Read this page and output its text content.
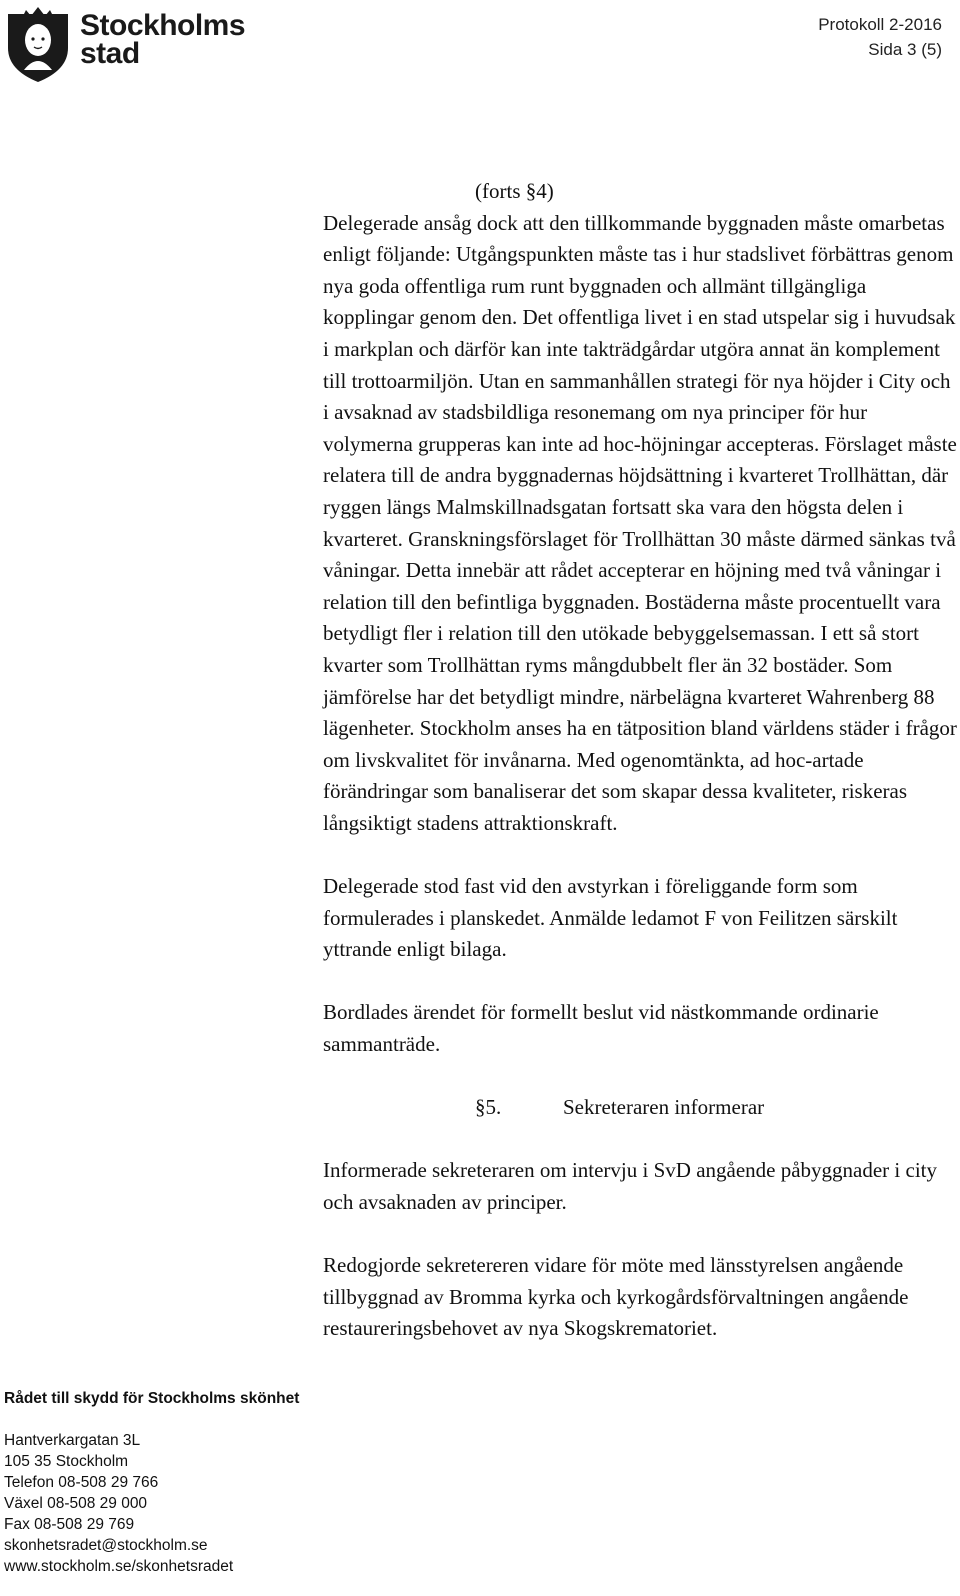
Stockholms
stad
Protokoll 2-2016
Sida 3 (5)

(forts §4)

Delegerade ansåg dock att den tillkommande byggnaden måste omarbetas enligt följande: Utgångspunkten måste tas i hur stadslivet förbättras genom nya goda offentliga rum runt byggnaden och allmänt tillgängliga kopplingar genom den. Det offentliga livet i en stad utspelar sig i huvudsak i markplan och därför kan inte takträdgårdar utgöra annat än komplement till trottoarmiljön. Utan en sammanhållen strategi för nya höjder i City och i avsaknad av stadsbildliga resonemang om nya principer för hur volymerna grupperas kan inte ad hoc-höjningar accepteras. Förslaget måste relatera till de andra byggnadernas höjdsättning i kvarteret Trollhättan, där ryggen längs Malmskillnadsgatan fortsatt ska vara den högsta delen i kvarteret. Granskningsförslaget för Trollhättan 30 måste därmed sänkas två våningar. Detta innebär att rådet accepterar en höjning med två våningar i relation till den befintliga byggnaden. Bostäderna måste procentuellt vara betydligt fler i relation till den utökade bebyggelsemassan. I ett så stort kvarter som Trollhättan ryms mångdubbelt fler än 32 bostäder. Som jämförelse har det betydligt mindre, närbelägna kvarteret Wahrenberg 88 lägenheter. Stockholm anses ha en tätposition bland världens städer i frågor om livskvalitet för invånarna. Med ogenomtänkta, ad hoc-artade förändringar som banaliserar det som skapar dessa kvaliteter, riskeras långsiktigt stadens attraktionskraft.

Delegerade stod fast vid den avstyrkan i föreliggande form som formulerades i planskedet. Anmälde ledamot F von Feilitzen särskilt yttrande enligt bilaga.

Bordlades ärendet för formellt beslut vid nästkommande ordinarie sammanträde.

§5.	Sekreteraren informerar

Informerade sekreteraren om intervju i SvD angående påbyggnader i city och avsaknaden av principer.

Redogjorde sekretereren vidare för möte med länsstyrelsen angående tillbyggnad av Bromma kyrka och kyrkogårdsförvaltningen angående restaureringsbehovet av nya Skogskrematoriet.

Rådet till skydd för Stockholms skönhet
Hantverkargatan 3L
105 35 Stockholm
Telefon 08-508 29 766
Växel 08-508 29 000
Fax 08-508 29 769
skonhetsradet@stockholm.se
www.stockholm.se/skonhetsradet
